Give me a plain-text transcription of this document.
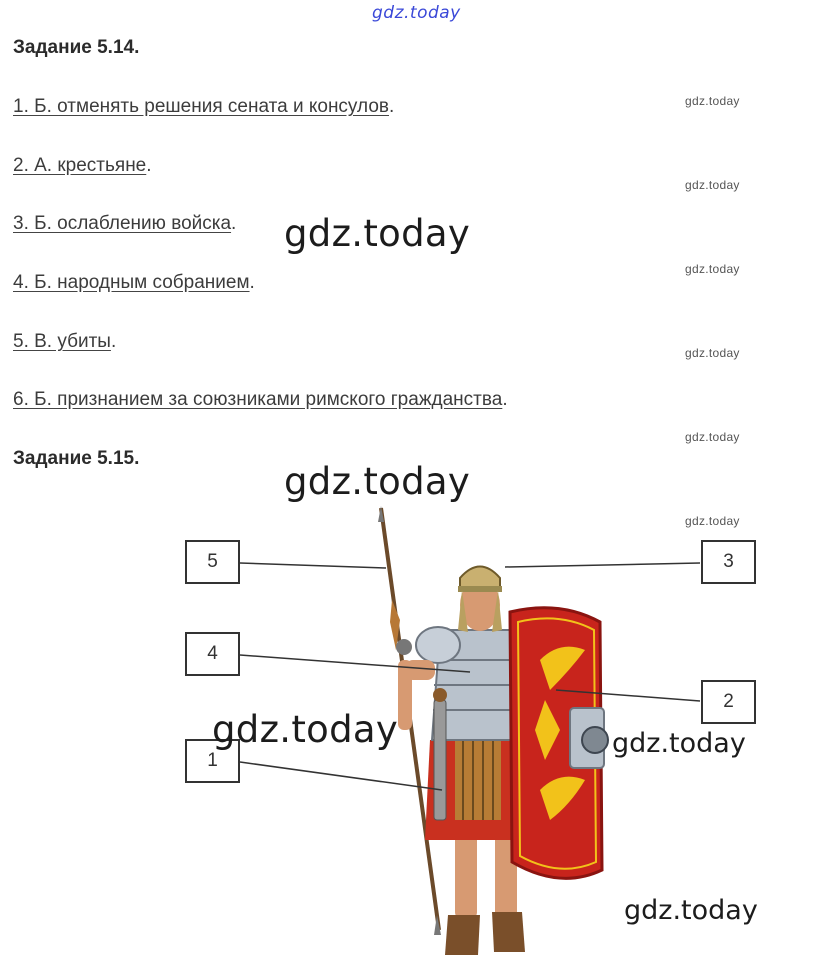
gdz.today
Задание 5.14.
1. Б. отменять решения сената и консулов.
2. А. крестьяне.
3. Б. ослаблению войска.
4. Б. народным собранием.
5. В. убиты.
6. Б. признанием за союзниками римского гражданства.
gdz.today
gdz.today
gdz.today
gdz.today
gdz.today
gdz.today
Задание 5.15.
5
4
1
3
2
gdz.today
gdz.today
gdz.today	gdz.today
gdz.today
